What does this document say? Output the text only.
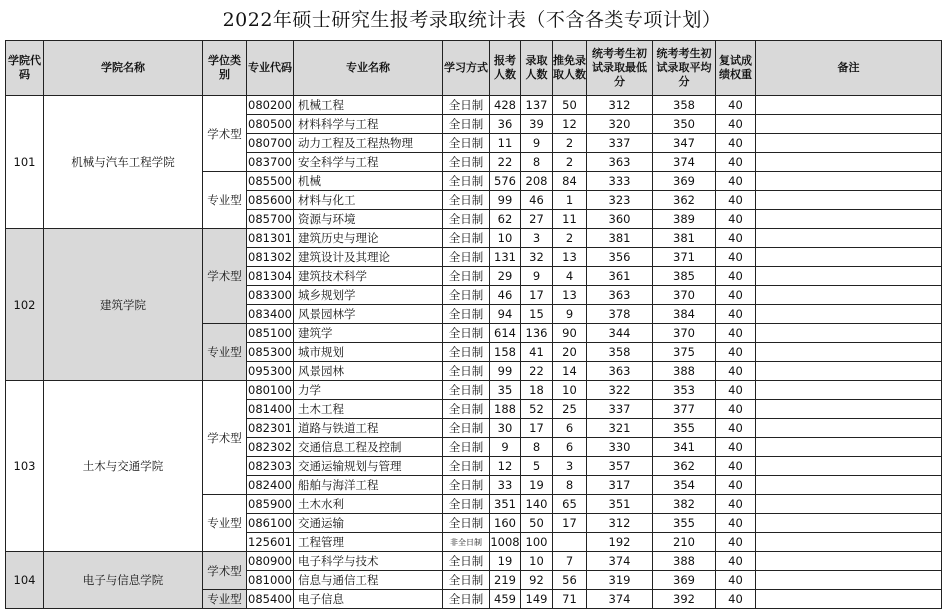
2022年硕士研究生报考录取统计表（不含各类专项计划）
学院代码	学院名称	学位类别	专业代码	专业名称	学习方式	报考人数	录取人数	推免录取人数	统考考生初试录取最低分	统考考生初试录取平均分	复试成绩权重	备注
101	机械与汽车工程学院	学术型	080200	机械工程	全日制	428	137	50	312	358	40	
			080500	材料科学与工程	全日制	36	39	12	320	350	40	
			080700	动力工程及工程热物理	全日制	11	9	2	337	347	40	
			083700	安全科学与工程	全日制	22	8	2	363	374	40	
		专业型	085500	机械	全日制	576	208	84	333	369	40	
			085600	材料与化工	全日制	99	46	1	323	362	40	
			085700	资源与环境	全日制	62	27	11	360	389	40	
102	建筑学院	学术型	081301	建筑历史与理论	全日制	10	3	2	381	381	40	
			081302	建筑设计及其理论	全日制	131	32	13	356	371	40	
			081304	建筑技术科学	全日制	29	9	4	361	385	40	
			083300	城乡规划学	全日制	46	17	13	363	370	40	
			083400	风景园林学	全日制	94	15	9	378	384	40	
		专业型	085100	建筑学	全日制	614	136	90	344	370	40	
			085300	城市规划	全日制	158	41	20	358	375	40	
			095300	风景园林	全日制	99	22	14	363	388	40	
103	土木与交通学院	学术型	080100	力学	全日制	35	18	10	322	353	40	
			081400	土木工程	全日制	188	52	25	337	377	40	
			082301	道路与铁道工程	全日制	30	17	6	321	355	40	
			082302	交通信息工程及控制	全日制	9	8	6	330	341	40	
			082303	交通运输规划与管理	全日制	12	5	3	357	362	40	
			082400	船舶与海洋工程	全日制	33	19	8	317	354	40	
		专业型	085900	土木水利	全日制	351	140	65	351	382	40	
			086100	交通运输	全日制	160	50	17	312	355	40	
			125601	工程管理	非全日制	1008	100		192	210	40	
104	电子与信息学院	学术型	080900	电子科学与技术	全日制	19	10	7	374	388	40	
			081000	信息与通信工程	全日制	219	92	56	319	369	40	
		专业型	085400	电子信息	全日制	459	149	71	374	392	40	
